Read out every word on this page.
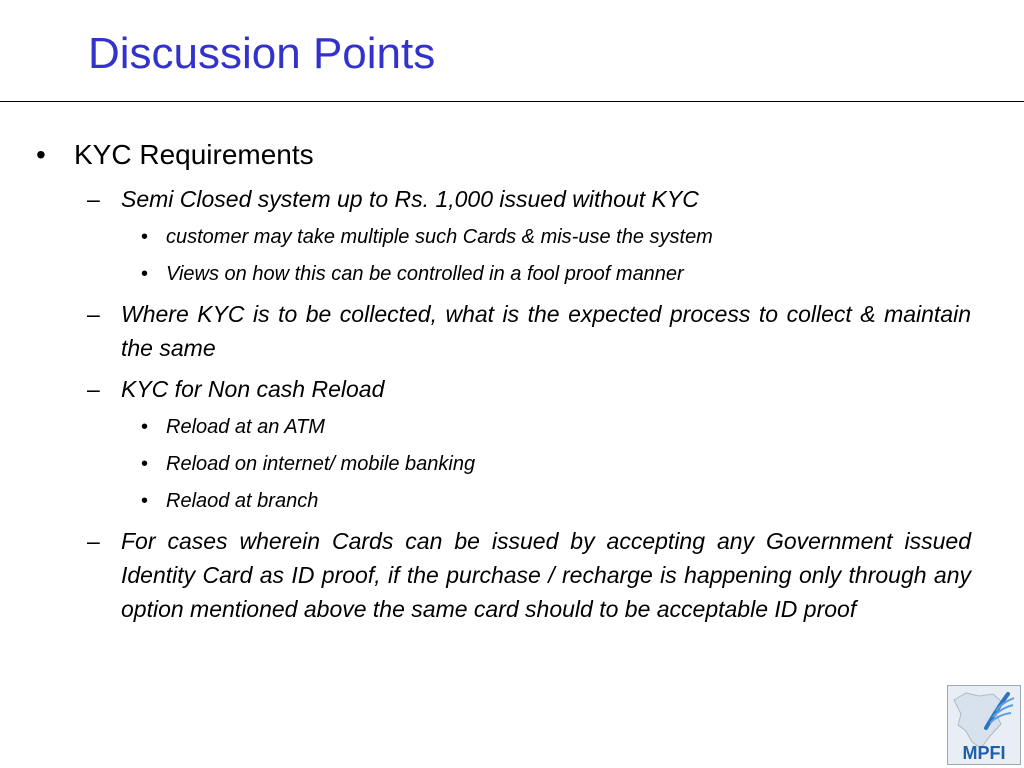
Discussion Points
• KYC Requirements
– Semi Closed system up to Rs. 1,000 issued without KYC
• customer may take multiple such Cards & mis-use the system
• Views on how this can be controlled in a fool proof manner
– Where KYC is to be collected, what is the expected process to collect & maintain the same
– KYC for Non cash Reload
• Reload at an ATM
• Reload on internet/ mobile banking
• Relaod at branch
– For cases wherein Cards can be issued by accepting any Government issued Identity Card as ID proof, if the purchase / recharge is happening only through any option mentioned above the same card should to be acceptable ID proof
MPFI
